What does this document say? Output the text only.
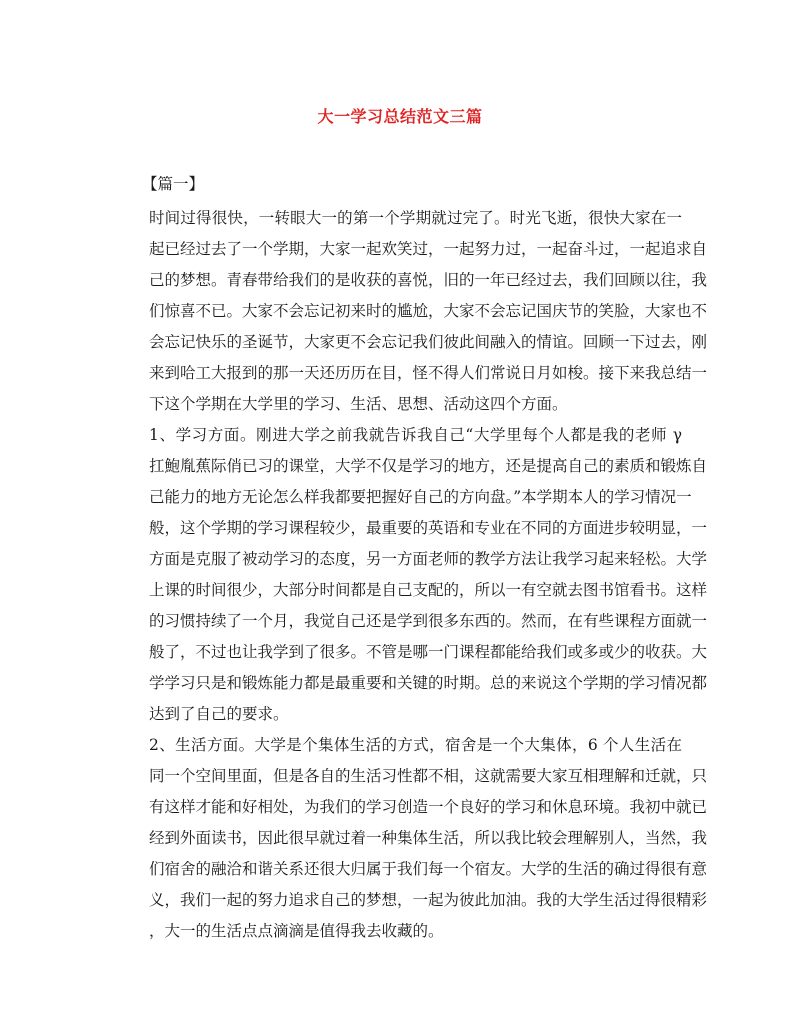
大一学习总结范文三篇
【篇一】
时间过得很快，一转眼大一的第一个学期就过完了。时光飞逝，很快大家在一
起已经过去了一个学期，大家一起欢笑过，一起努力过，一起奋斗过，一起追求自
己的梦想。青春带给我们的是收获的喜悦，旧的一年已经过去，我们回顾以往，我
们惊喜不已。大家不会忘记初来时的尴尬，大家不会忘记国庆节的笑脸，大家也不
会忘记快乐的圣诞节，大家更不会忘记我们彼此间融入的情谊。回顾一下过去，刚
来到哈工大报到的那一天还历历在目，怪不得人们常说日月如梭。接下来我总结一
下这个学期在大学里的学习、生活、思想、活动这四个方面。
1、学习方面。刚进大学之前我就告诉我自己“大学里每个人都是我的老师 γ
扛鮑胤蕉际俏已习的课堂，大学不仅是学习的地方，还是提高自己的素质和锻炼自
己能力的地方无论怎么样我都要把握好自己的方向盘。”本学期本人的学习情况一
般，这个学期的学习课程较少，最重要的英语和专业在不同的方面进步较明显，一
方面是克服了被动学习的态度，另一方面老师的教学方法让我学习起来轻松。大学
上课的时间很少，大部分时间都是自己支配的，所以一有空就去图书馆看书。这样
的习惯持续了一个月，我觉自己还是学到很多东西的。然而，在有些课程方面就一
般了，不过也让我学到了很多。不管是哪一门课程都能给我们或多或少的收获。大
学学习只是和锻炼能力都是最重要和关键的时期。总的来说这个学期的学习情况都
达到了自己的要求。
2、生活方面。大学是个集体生活的方式，宿舍是一个大集体，6 个人生活在
同一个空间里面，但是各自的生活习性都不相，这就需要大家互相理解和迁就，只
有这样才能和好相处，为我们的学习创造一个良好的学习和休息环境。我初中就已
经到外面读书，因此很早就过着一种集体生活，所以我比较会理解别人，当然，我
们宿舍的融洽和谐关系还很大归属于我们每一个宿友。大学的生活的确过得很有意
义，我们一起的努力追求自己的梦想，一起为彼此加油。我的大学生活过得很精彩
，大一的生活点点滴滴是值得我去收藏的。
